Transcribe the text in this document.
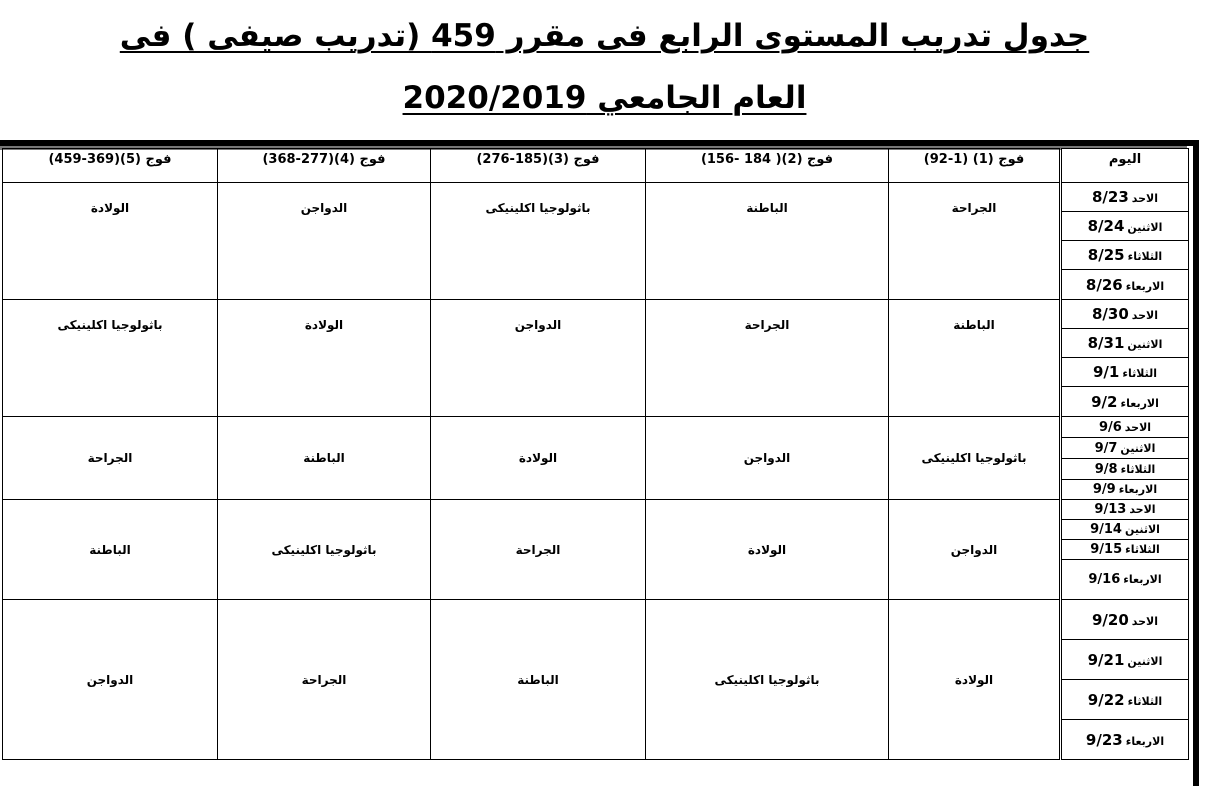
جدول تدريب المستوى الرابع فى مقرر 459 (تدريب صيفى ) فى
العام الجامعي 2020/2019
فوج (5)(369-459)	فوج (4)(277-368)	فوج (3)(185-276)	فوج (2)( 184 -156)	فوج (1) (1-92)	اليوم
الولادة	الدواجن	باثولوجيا اكلينيكى	الباطنة	الجراحة	8/23 الاحد

					8/24 الاثنين

					8/25 الثلاثاء

					8/26 الاربعاء

باثولوجيا اكلينيكى	الولادة	الدواجن	الجراحة	الباطنة	8/30 الاحد

					8/31 الاثنين

					9/1 الثلاثاء

					9/2 الاربعاء

الجراحة	الباطنة	الولادة	الدواجن	باثولوجيا اكلينيكى	9/6 الاحد

					9/7 الاثنين

					9/8 الثلاثاء

					9/9 الاربعاء

الباطنة	باثولوجيا اكلينيكى	الجراحة	الولادة	الدواجن	9/13 الاحد

					9/14 الاثنين

					9/15 الثلاثاء

					9/16 الاربعاء

الدواجن	الجراحة	الباطنة	باثولوجيا اكلينيكى	الولادة	9/20 الاحد

					9/21 الاثنين

					9/22 الثلاثاء

					9/23 الاربعاء
